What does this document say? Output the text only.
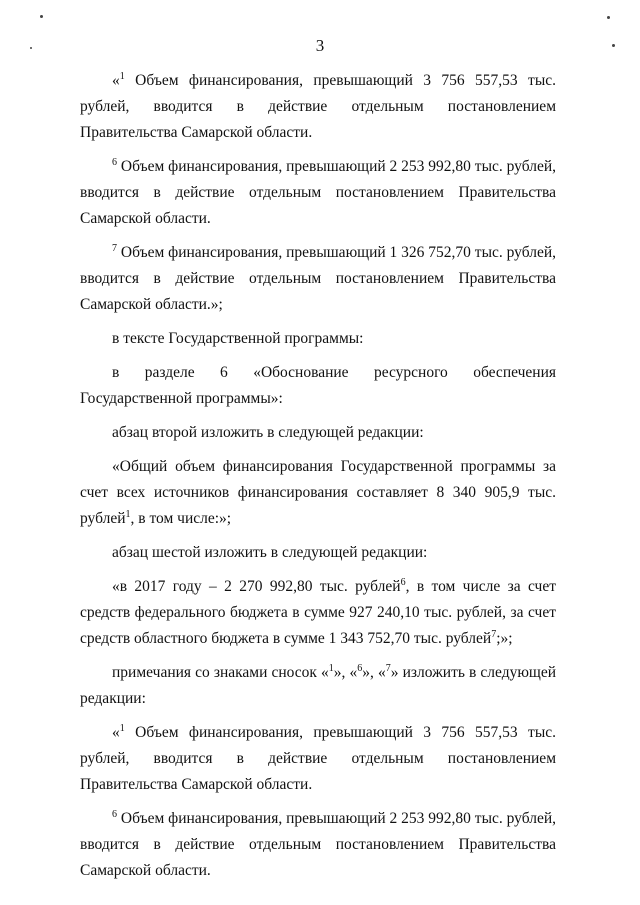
3

«$^1$ Объем финансирования, превышающий 3 756 557,53 тыс. рублей, вводится в действие отдельным постановлением Правительства Самарской области.

$^6$ Объем финансирования, превышающий 2 253 992,80 тыс. рублей, вводится в действие отдельным постановлением Правительства Самарской области.

$^7$ Объем финансирования, превышающий 1 326 752,70 тыс. рублей, вводится в действие отдельным постановлением Правительства Самарской области.»;

в тексте Государственной программы:

в разделе 6 «Обоснование ресурсного обеспечения Государственной программы»:

абзац второй изложить в следующей редакции:

«Общий объем финансирования Государственной программы за счет всех источников финансирования составляет 8 340 905,9 тыс. рублей$^1$, в том числе:»;

абзац шестой изложить в следующей редакции:

«в 2017 году – 2 270 992,80 тыс. рублей$^6$, в том числе за счет средств федерального бюджета в сумме 927 240,10 тыс. рублей, за счет средств областного бюджета в сумме 1 343 752,70 тыс. рублей$^7$;»;

примечания со знаками сносок «$^1$», «$^6$», «$^7$» изложить в следующей редакции:

«$^1$ Объем финансирования, превышающий 3 756 557,53 тыс. рублей, вводится в действие отдельным постановлением Правительства Самарской области.

$^6$ Объем финансирования, превышающий 2 253 992,80 тыс. рублей, вводится в действие отдельным постановлением Правительства Самарской области.
